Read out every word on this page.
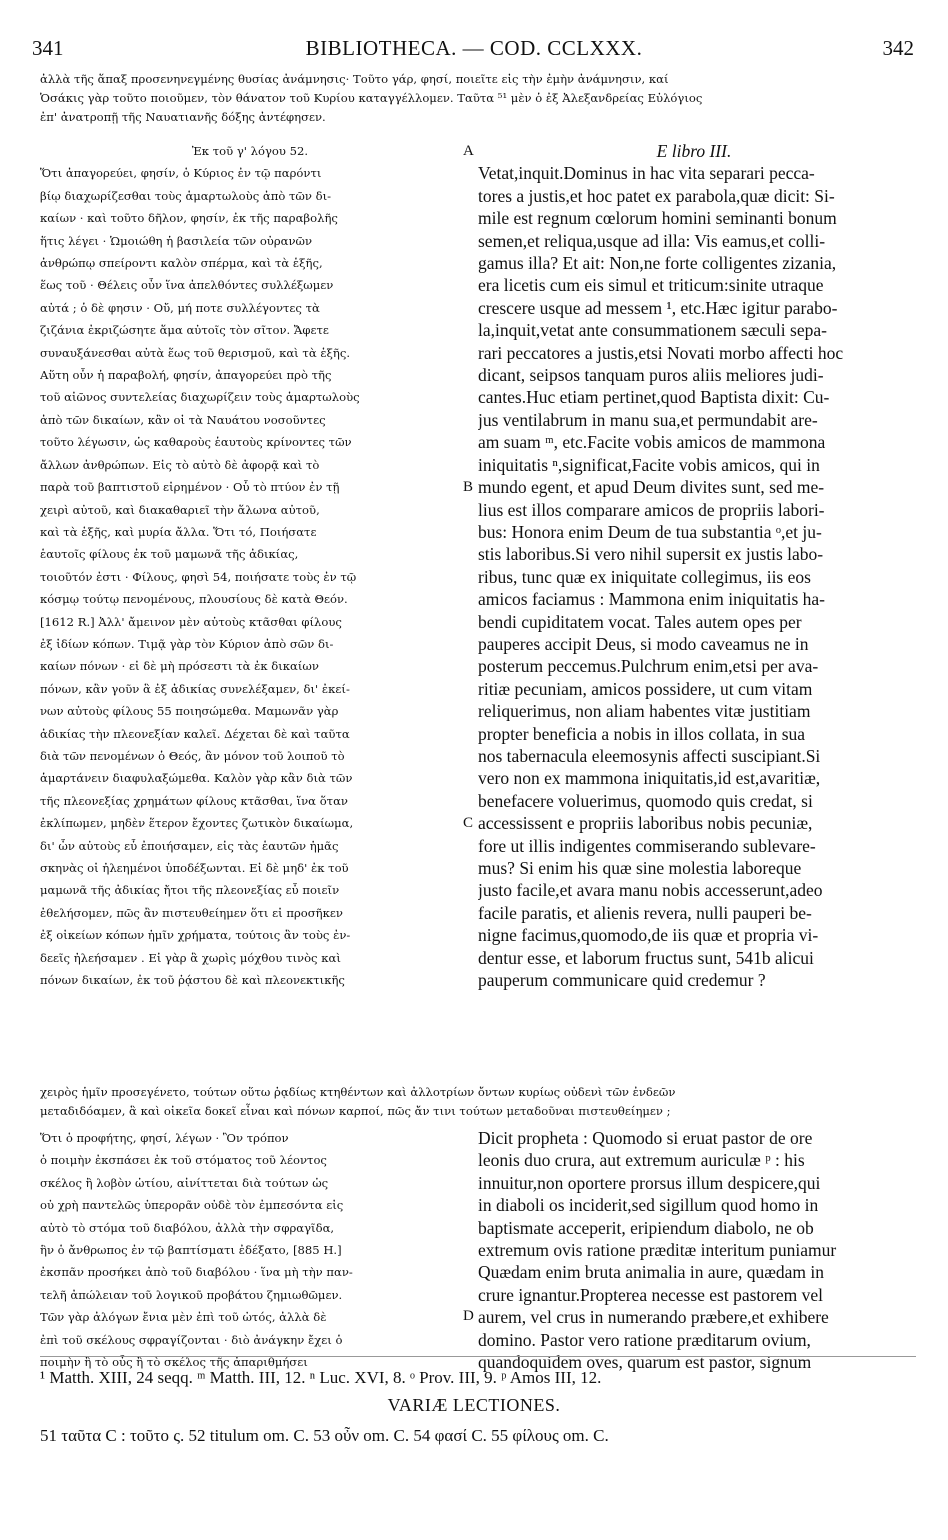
341	BIBLIOTHECA. — COD. CCLXXX.	342
ἀλλὰ τῆς ἅπαξ προσενηνεγμένης θυσίας ἀνάμνησις· Τοῦτο γάρ, φησί, ποιεῖτε εἰς τὴν ἐμὴν ἀνάμνησιν, καί
Ὁσάκις γὰρ τοῦτο ποιοῦμεν, τὸν θάνατον τοῦ Κυρίου καταγγέλλομεν. Ταῦτα ⁵¹ μὲν ὁ ἐξ Ἀλεξανδρείας Εὐλόγιος
ἐπ' ἀνατροπῇ τῆς Ναυατιανῆς δόξης ἀντέφησεν.
Ἐκ τοῦ γ' λόγου 52.
Ὅτι ἀπαγορεύει, φησίν, ὁ Κύριος ἐν τῷ παρόντι
βίῳ διαχωρίζεσθαι τοὺς ἁμαρτωλοὺς ἀπὸ τῶν δι-
καίων · καὶ τοῦτο δῆλον, φησίν, ἐκ τῆς παραβολῆς
ἥτις λέγει · Ὡμοιώθη ἡ βασιλεία τῶν οὐρανῶν
ἀνθρώπῳ σπείροντι καλὸν σπέρμα, καὶ τὰ ἑξῆς,
ἕως τοῦ · Θέλεις οὖν ἵνα ἀπελθόντες συλλέξωμεν
αὐτά ; ὁ δὲ φησιν · Οὔ, μή ποτε συλλέγοντες τὰ
ζιζάνια ἐκριζώσητε ἅμα αὐτοῖς τὸν σῖτον. Ἄφετε
συναυξάνεσθαι αὐτὰ ἕως τοῦ θερισμοῦ, καὶ τὰ ἑξῆς.
Αὕτη οὖν ἡ παραβολή, φησίν, ἀπαγορεύει πρὸ τῆς
τοῦ αἰῶνος συντελείας διαχωρίζειν τοὺς ἁμαρτωλοὺς
ἀπὸ τῶν δικαίων, κἂν οἱ τὰ Ναυάτου νοσοῦντες
τοῦτο λέγωσιν, ὡς καθαροὺς ἑαυτοὺς κρίνοντες τῶν
ἄλλων ἀνθρώπων. Εἰς τὸ αὐτὸ δὲ ἀφορᾷ καὶ τὸ
παρὰ τοῦ βαπτιστοῦ εἰρημένον · Οὗ τὸ πτύον ἐν τῇ
χειρὶ αὐτοῦ, καὶ διακαθαριεῖ τὴν ἅλωνα αὐτοῦ,
καὶ τὰ ἑξῆς, καὶ μυρία ἄλλα. Ὅτι τό, Ποιήσατε
ἑαυτοῖς φίλους ἐκ τοῦ μαμωνᾶ τῆς ἀδικίας,
τοιοῦτόν ἐστι · Φίλους, φησὶ 54, ποιήσατε τοὺς ἐν τῷ
κόσμῳ τούτῳ πενομένους, πλουσίους δὲ κατὰ Θεόν.
[1612 R.] Ἀλλ' ἄμεινον μὲν αὐτοὺς κτᾶσθαι φίλους
ἐξ ἰδίων κόπων. Τιμᾷ γὰρ τὸν Κύριον ἀπὸ σῶν δι-
καίων πόνων · εἰ δὲ μὴ πρόσεστι τὰ ἐκ δικαίων
πόνων, κἂν γοῦν ἃ ἐξ ἀδικίας συνελέξαμεν, δι' ἐκεί-
νων αὐτοὺς φίλους 55 ποιησώμεθα. Μαμωνᾶν γὰρ
ἀδικίας τὴν πλεονεξίαν καλεῖ. Δέχεται δὲ καὶ ταῦτα
διὰ τῶν πενομένων ὁ Θεός, ἂν μόνον τοῦ λοιποῦ τὸ
ἁμαρτάνειν διαφυλαξώμεθα. Καλὸν γὰρ κἂν διὰ τῶν
τῆς πλεονεξίας χρημάτων φίλους κτᾶσθαι, ἵνα ὅταν
ἐκλίπωμεν, μηδὲν ἕτερον ἔχοντες ζωτικὸν δικαίωμα,
δι' ὧν αὐτοὺς εὖ ἐποιήσαμεν, εἰς τὰς ἑαυτῶν ἡμᾶς
σκηνὰς οἱ ἠλεημένοι ὑποδέξωνται. Εἰ δὲ μηδ' ἐκ τοῦ
μαμωνᾶ τῆς ἀδικίας ἤτοι τῆς πλεονεξίας εὖ ποιεῖν
ἐθελήσομεν, πῶς ἂν πιστευθείημεν ὅτι εἰ προσῆκεν
ἐξ οἰκείων κόπων ἡμῖν χρήματα, τούτοις ἂν τοὺς ἐν-
δεεῖς ἠλεήσαμεν . Εἰ γὰρ ἃ χωρὶς μόχθου τινὸς καὶ
πόνων δικαίων, ἐκ τοῦ ῥᾴστου δὲ καὶ πλεονεκτικῆς
E libro III.
Vetat,inquit.Dominus in hac vita separari pecca-
tores a justis,et hoc patet ex parabola,quæ dicit: Si-
mile est regnum cœlorum homini seminanti bonum
semen,et reliqua,usque ad illa: Vis eamus,et colli-
gamus illa? Et ait: Non,ne forte colligentes zizania,
era licetis cum eis simul et triticum:sinite utraque
crescere usque ad messem ¹, etc.Hæc igitur parabo-
la,inquit,vetat ante consummationem sæculi sepa-
rari peccatores a justis,etsi Novati morbo affecti hoc
dicant, seipsos tanquam puros aliis meliores judi-
cantes.Huc etiam pertinet,quod Baptista dixit: Cu-
jus ventilabrum in manu sua,et permundabit are-
am suam ᵐ, etc.Facite vobis amicos de mammona
iniquitatis ⁿ,significat,Facite vobis amicos, qui in
mundo egent, et apud Deum divites sunt, sed me-
lius est illos comparare amicos de propriis labori-
bus: Honora enim Deum de tua substantia ᵒ,et ju-
stis laboribus.Si vero nihil supersit ex justis labo-
ribus, tunc quæ ex iniquitate collegimus, iis eos
amicos faciamus : Mammona enim iniquitatis ha-
bendi cupiditatem vocat. Tales autem opes per
pauperes accipit Deus, si modo caveamus ne in
posterum peccemus.Pulchrum enim,etsi per ava-
ritiæ pecuniam, amicos possidere, ut cum vitam
reliquerimus, non aliam habentes vitæ justitiam
propter beneficia a nobis in illos collata, in sua
nos tabernacula eleemosynis affecti suscipiant.Si
vero non ex mammona iniquitatis,id est,avaritiæ,
benefacere voluerimus, quomodo quis credat, si
accessissent e propriis laboribus nobis pecuniæ,
fore ut illis indigentes commiserando sublevare-
mus? Si enim his quæ sine molestia laboreque
justo facile,et avara manu nobis accesserunt,adeo
facile paratis, et alienis revera, nulli pauperi be-
nigne facimus,quomodo,de iis quæ et propria vi-
dentur esse, et laborum fructus sunt, 541b alicui
pauperum communicare quid credemur ?
A
B
C
D
χειρὸς ἡμῖν προσεγένετο, τούτων οὕτω ῥᾳδίως κτηθέντων καὶ ἀλλοτρίων ὄντων κυρίως οὐδενὶ τῶν ἐνδεῶν
μεταδιδόαμεν, ἃ καὶ οἰκεῖα δοκεῖ εἶναι καὶ πόνων καρποί, πῶς ἄν τινι τούτων μεταδοῦναι πιστευθείημεν ;
Ὅτι ὁ προφήτης, φησί, λέγων · Ὃν τρόπον
ὁ ποιμὴν ἐκσπάσει ἐκ τοῦ στόματος τοῦ λέοντος
σκέλος ἢ λοβὸν ὠτίου, αἰνίττεται διὰ τούτων ὡς
οὐ χρὴ παντελῶς ὑπερορᾶν οὐδὲ τὸν ἐμπεσόντα εἰς
αὐτὸ τὸ στόμα τοῦ διαβόλου, ἀλλὰ τὴν σφραγῖδα,
ἣν ὁ ἄνθρωπος ἐν τῷ βαπτίσματι ἐδέξατο, [885 H.]
ἐκσπᾶν προσήκει ἀπὸ τοῦ διαβόλου · ἵνα μὴ τὴν παν-
τελῆ ἀπώλειαν τοῦ λογικοῦ προβάτου ζημιωθῶμεν.
Τῶν γὰρ ἀλόγων ἔνια μὲν ἐπὶ τοῦ ὠτός, ἀλλὰ δὲ
ἐπὶ τοῦ σκέλους σφραγίζονται · διὸ ἀνάγκην ἔχει ὁ
ποιμὴν ἢ τὸ οὖς ἢ τὸ σκέλος τῆς ἀπαριθμήσει
Dicit propheta : Quomodo si eruat pastor de ore
leonis duo crura, aut extremum auriculæ ᵖ : his
innuitur,non oportere prorsus illum despicere,qui
in diaboli os inciderit,sed sigillum quod homo in
baptismate acceperit, eripiendum diabolo, ne ob
extremum ovis ratione præditæ interitum puniamur
Quædam enim bruta animalia in aure, quædam in
crure ignantur.Propterea necesse est pastorem vel
aurem, vel crus in numerando præbere,et exhibere
domino. Pastor vero ratione præditarum ovium,
quandoquidem oves, quarum est pastor, signum
¹ Matth. XIII, 24 seqq. ᵐ Matth. III, 12. ⁿ Luc. XVI, 8. ᵒ Prov. III, 9. ᵖ Amos III, 12.
VARIÆ LECTIONES.
51 ταῦτα C : τοῦτο ς. 52 titulum om. C. 53 οὖν om. C. 54 φασί C. 55 φίλους om. C.
